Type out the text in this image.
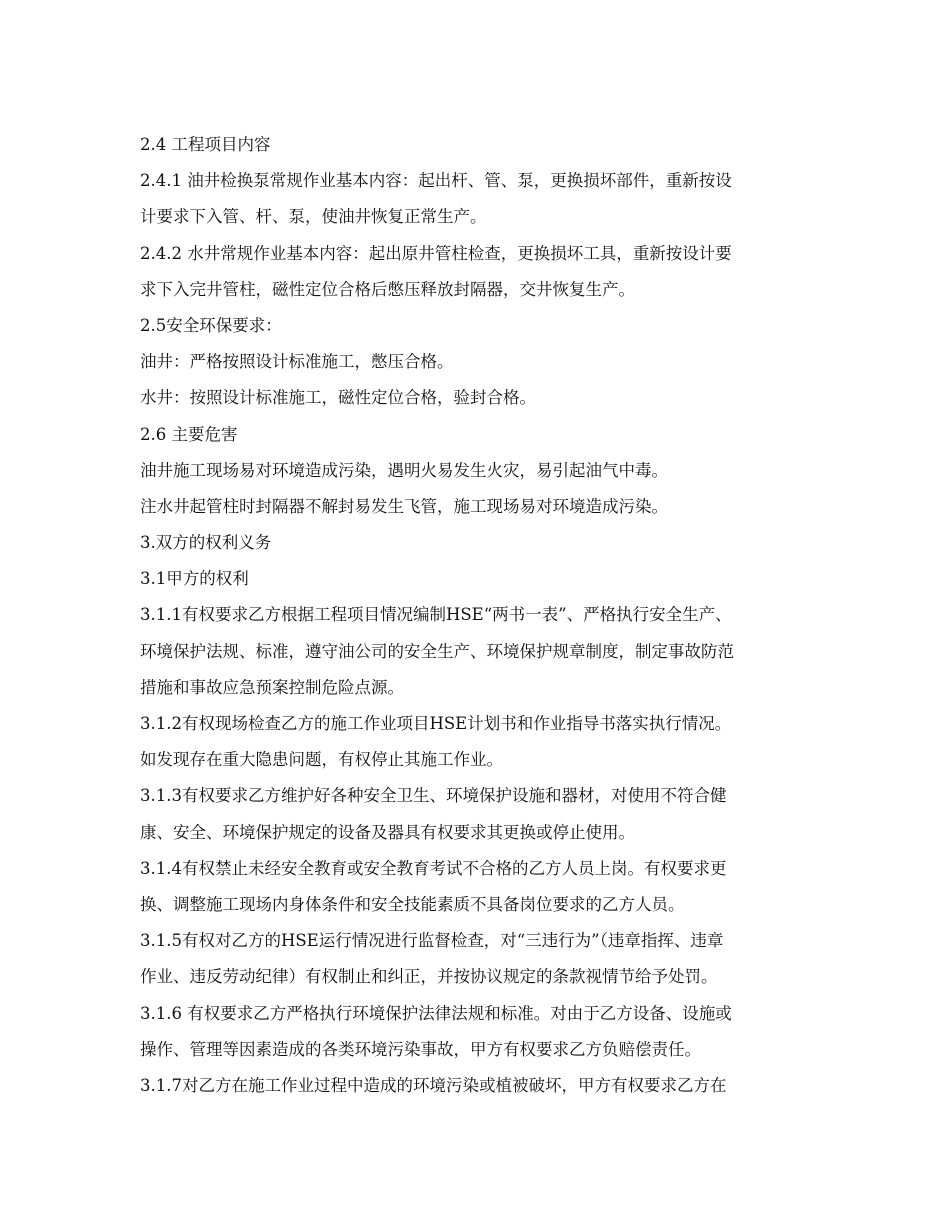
2.4 工程项目内容
2.4.1 油井检换泵常规作业基本内容：起出杆、管、泵，更换损坏部件，重新按设
计要求下入管、杆、泵，使油井恢复正常生产。
2.4.2 水井常规作业基本内容：起出原井管柱检查，更换损坏工具，重新按设计要
求下入完井管柱，磁性定位合格后憋压释放封隔器，交井恢复生产。
2.5安全环保要求：
油井：严格按照设计标准施工，憋压合格。
水井：按照设计标准施工，磁性定位合格，验封合格。
2.6 主要危害
油井施工现场易对环境造成污染，遇明火易发生火灾，易引起油气中毒。
注水井起管柱时封隔器不解封易发生飞管，施工现场易对环境造成污染。
3.双方的权利义务
3.1甲方的权利
3.1.1有权要求乙方根据工程项目情况编制HSE“两书一表”、严格执行安全生产、
环境保护法规、标准，遵守油公司的安全生产、环境保护规章制度，制定事故防范
措施和事故应急预案控制危险点源。
3.1.2有权现场检查乙方的施工作业项目HSE计划书和作业指导书落实执行情况。
如发现存在重大隐患问题，有权停止其施工作业。
3.1.3有权要求乙方维护好各种安全卫生、环境保护设施和器材，对使用不符合健
康、安全、环境保护规定的设备及器具有权要求其更换或停止使用。
3.1.4有权禁止未经安全教育或安全教育考试不合格的乙方人员上岗。有权要求更
换、调整施工现场内身体条件和安全技能素质不具备岗位要求的乙方人员。
3.1.5有权对乙方的HSE运行情况进行监督检查，对“三违行为”（违章指挥、违章
作业、违反劳动纪律）有权制止和纠正，并按协议规定的条款视情节给予处罚。
3.1.6 有权要求乙方严格执行环境保护法律法规和标准。对由于乙方设备、设施或
操作、管理等因素造成的各类环境污染事故，甲方有权要求乙方负赔偿责任。
3.1.7对乙方在施工作业过程中造成的环境污染或植被破坏，甲方有权要求乙方在
